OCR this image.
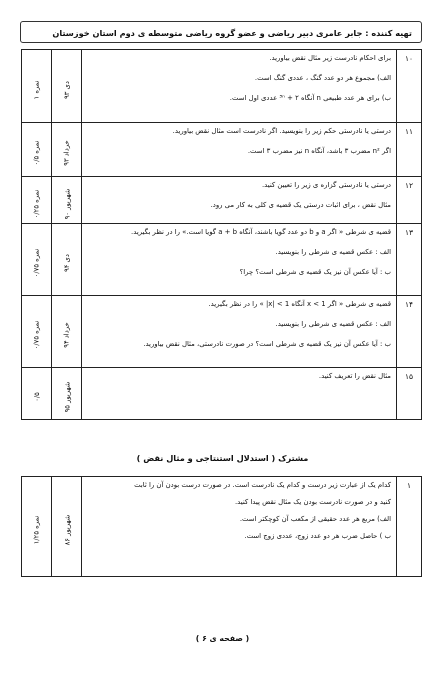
تهیه کننده : جابر عامری دبیر ریاضی و عضو گروه ریاضی متوسطه ی دوم استان خوزستان
۱ نمره	دی ۹۳	برای احکام نادرست زیر مثال نقض بیاورید.
الف) مجموع هر دو عدد گنگ ، عددی گنگ است.
ب) برای هر عدد طبیعی n آنگاه ۲ + ³ⁿ عددی اول است.	۱۰
۰/۵ نمره	خرداد ۹۳	درستی یا نادرستی حکم زیر را بنویسید. اگر نادرست است مثال نقض بیاورید.
اگر n² مضرب ۳ باشد، آنگاه n نیز مضرب ۳ است.	۱۱
۰/۲۵ نمره	شهریور ۹۰	درستی یا نادرستی گزاره ی زیر را تعیین کنید.
مثال نقض ، برای اثبات درستی یک قضیه ی کلی به کار می رود.	۱۲
۰/۷۵ نمره	دی ۹۴	قضیه ی شرطی « اگر a و b دو عدد گویا باشند، آنگاه a + b گویا است.» را در نظر بگیرید.
الف : عکس قضیه ی شرطی را بنویسید.
ب : آیا عکس آن نیز یک قضیه ی شرطی است؟ چرا؟	۱۳
۰/۷۵ نمره	خرداد ۹۴	قضیه ی شرطی « اگر 1 > x آنگاه 1 > |x| » را در نظر بگیرید.
الف : عکس قضیه ی شرطی را بنویسید.
ب : آیا عکس آن نیز یک قضیه ی شرطی است؟ در صورت نادرستی، مثال نقض بیاورید.	۱۴
۰/۵	شهریور ۹۵	مثال نقض را تعریف کنید.	۱۵
مشترک ( استدلال استنتاجی و مثال نقض )
۱/۲۵ نمره	شهریور ۸۶	
کدام یک از عبارت زیر درست و کدام یک نادرست است. در صورت درست بودن آن را ثابت
کنید و در صورت نادرست بودن یک مثال نقض پیدا کنید.
الف) مربع هر عدد حقیقی از مکعب آن کوچکتر است.
ب ) حاصل ضرب هر دو عدد زوج، عددی زوج است.
	۱
( صفحه ی ۶ )
